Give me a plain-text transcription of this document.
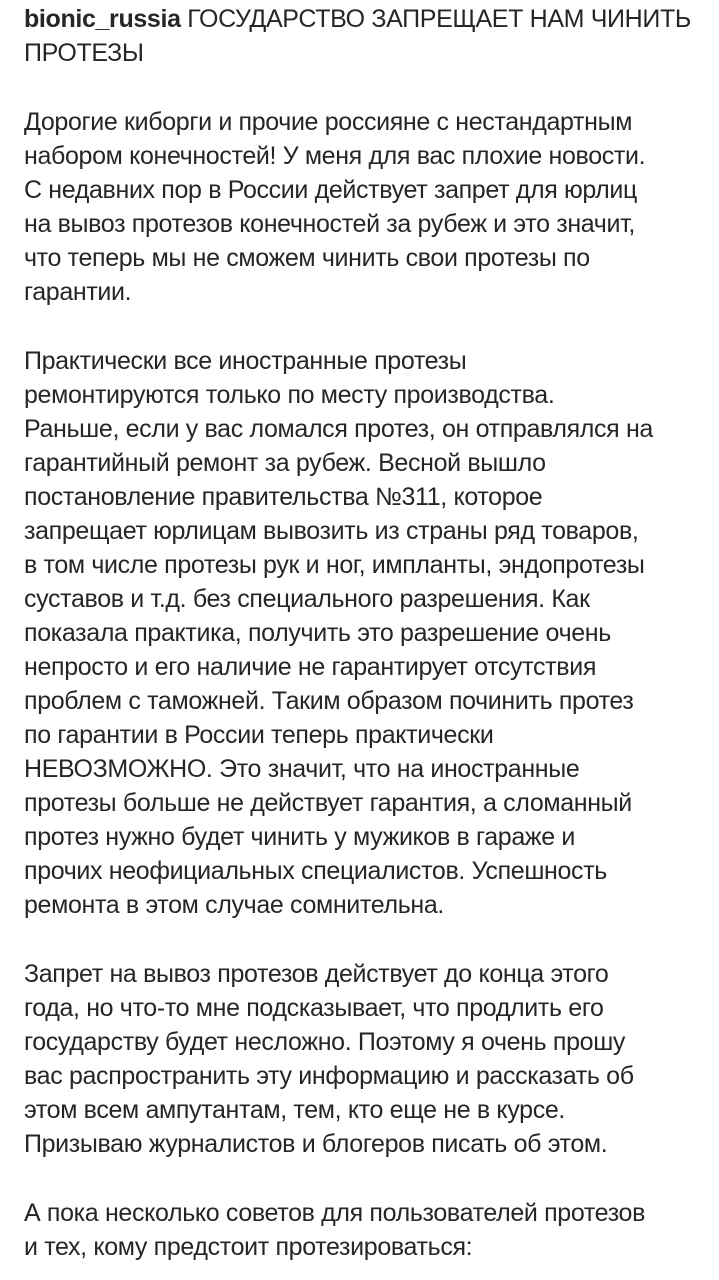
bionic_russia ГОСУДАРСТВО ЗАПРЕЩАЕТ НАМ ЧИНИТЬ
ПРОТЕЗЫ
Дорогие киборги и прочие россияне с нестандартным
набором конечностей! У меня для вас плохие новости.
С недавних пор в России действует запрет для юрлиц
на вывоз протезов конечностей за рубеж и это значит,
что теперь мы не сможем чинить свои протезы по
гарантии.
Практически все иностранные протезы
ремонтируются только по месту производства.
Раньше, если у вас ломался протез, он отправлялся на
гарантийный ремонт за рубеж. Весной вышло
постановление правительства №311, которое
запрещает юрлицам вывозить из страны ряд товаров,
в том числе протезы рук и ног, импланты, эндопротезы
суставов и т.д. без специального разрешения. Как
показала практика, получить это разрешение очень
непросто и его наличие не гарантирует отсутствия
проблем с таможней. Таким образом починить протез
по гарантии в России теперь практически
НЕВОЗМОЖНО. Это значит, что на иностранные
протезы больше не действует гарантия, а сломанный
протез нужно будет чинить у мужиков в гараже и
прочих неофициальных специалистов. Успешность
ремонта в этом случае сомнительна.
Запрет на вывоз протезов действует до конца этого
года, но что-то мне подсказывает, что продлить его
государству будет несложно. Поэтому я очень прошу
вас распространить эту информацию и рассказать об
этом всем ампутантам, тем, кто еще не в курсе.
Призываю журналистов и блогеров писать об этом.
А пока несколько советов для пользователей протезов
и тех, кому предстоит протезироваться:
